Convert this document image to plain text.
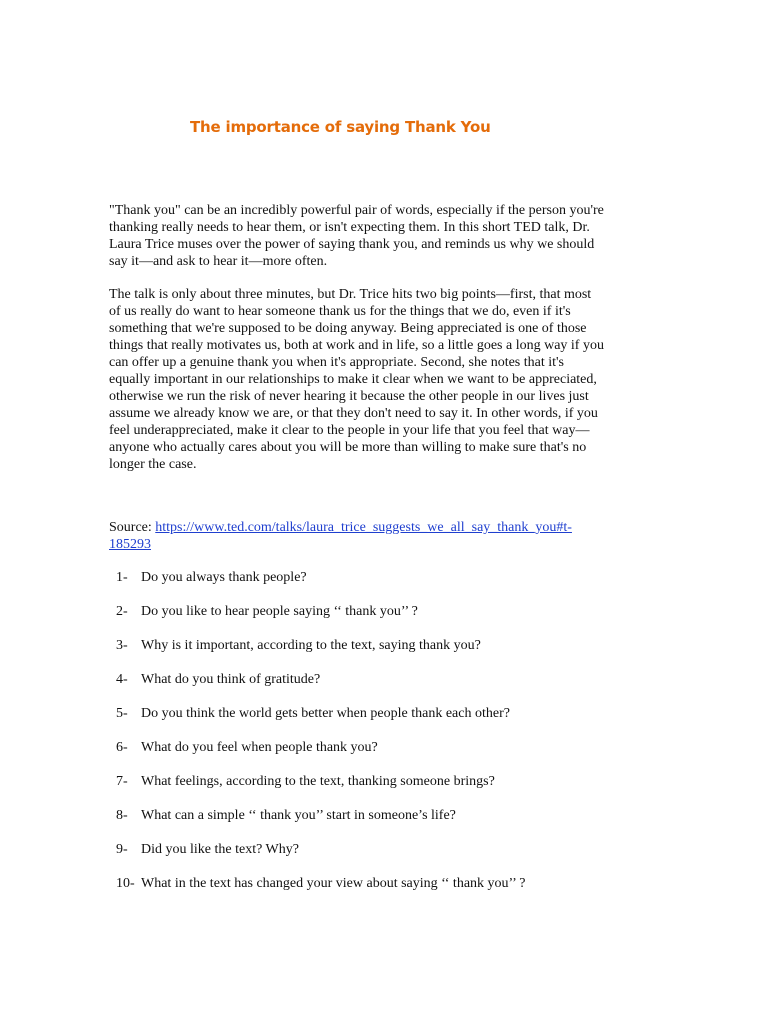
The importance of saying Thank You
"Thank you" can be an incredibly powerful pair of words, especially if the person you're
thanking really needs to hear them, or isn't expecting them. In this short TED talk, Dr.
Laura Trice muses over the power of saying thank you, and reminds us why we should
say it—and ask to hear it—more often.
The talk is only about three minutes, but Dr. Trice hits two big points—first, that most
of us really do want to hear someone thank us for the things that we do, even if it's
something that we're supposed to be doing anyway. Being appreciated is one of those
things that really motivates us, both at work and in life, so a little goes a long way if you
can offer up a genuine thank you when it's appropriate. Second, she notes that it's
equally important in our relationships to make it clear when we want to be appreciated,
otherwise we run the risk of never hearing it because the other people in our lives just
assume we already know we are, or that they don't need to say it. In other words, if you
feel underappreciated, make it clear to the people in your life that you feel that way—
anyone who actually cares about you will be more than willing to make sure that's no
longer the case.
Source: https://www.ted.com/talks/laura_trice_suggests_we_all_say_thank_you#t-
185293
1- Do you always thank people?
2- Do you like to hear people saying ‘‘ thank you’’ ?
3- Why is it important, according to the text, saying thank you?
4- What do you think of gratitude?
5- Do you think the world gets better when people thank each other?
6- What do you feel when people thank you?
7- What feelings, according to the text, thanking someone brings?
8- What can a simple ‘‘ thank you’’ start in someone’s life?
9- Did you like the text? Why?
10- What in the text has changed your view about saying ‘‘ thank you’’ ?
